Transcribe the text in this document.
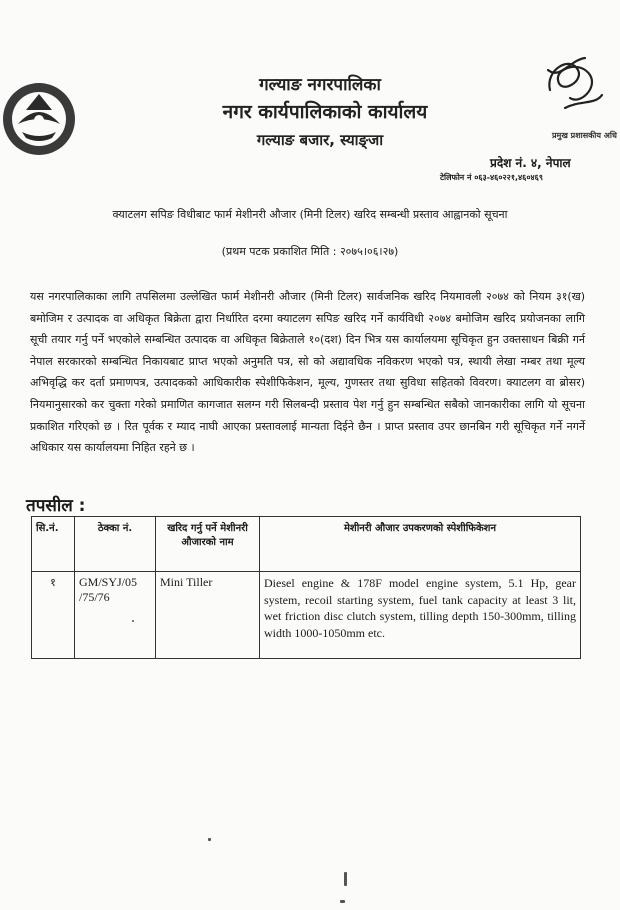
गल्याङ नगरपालिका
नगर कार्यपालिकाको कार्यालय
गल्याङ बजार, स्याङ्जा	प्रमुख प्रशासकीय अधि
प्रदेश नं. ४, नेपाल
टेलिफोन नं ०६३-४६०२२१,४६०४६९
क्याटलग सपिङ विधीबाट फार्म मेशीनरी औजार (मिनी टिलर) खरिद सम्बन्धी प्रस्ताव आह्वानको सूचना
(प्रथम पटक प्रकाशित मिति : २०७५।०६।२७)
यस नगरपालिकाका लागि तपसिलमा उल्लेखित फार्म मेशीनरी औजार (मिनी टिलर) सार्वजनिक खरिद नियमावली २०७४ को नियम ३१(ख) बमोजिम र उत्पादक वा अधिकृत बिक्रेता द्वारा निर्धारित दरमा क्याटलग सपिङ खरिद गर्ने कार्यविधी २०७४ बमोजिम खरिद प्रयोजनका लागि सूची तयार गर्नु पर्ने भएकोले सम्बन्धित उत्पादक वा अधिकृत बिक्रेताले १०(दश) दिन भित्र यस कार्यालयमा सूचिकृत हुन उक्तसाधन बिक्री गर्न नेपाल सरकारको सम्बन्धित निकायबाट प्राप्त भएको अनुमति पत्र, सो को अद्यावधिक नविकरण भएको पत्र, स्थायी लेखा नम्बर तथा मूल्य अभिवृद्धि कर दर्ता प्रमाणपत्र, उत्पादकको आधिकारीक स्पेशीफिकेशन, मूल्य, गुणस्तर तथा सुविधा सहितको विवरण। क्याटलग वा ब्रोसर) नियमानुसारको कर चुक्ता गरेको प्रमाणित कागजात सलग्न गरी सिलबन्दी प्रस्ताव पेश गर्नु हुन सम्बन्धित सबैको जानकारीका लागि यो सूचना प्रकाशित गरिएको छ । रित पूर्वक र म्याद नाघी आएका प्रस्तावलाई मान्यता दिईने छैन । प्राप्त प्रस्ताव उपर छानबिन गरी सूचिकृत गर्ने नगर्ने अधिकार यस कार्यालयमा निहित रहने छ ।
तपसील :
सि.नं.	ठेक्का नं.	खरिद गर्नु पर्ने मेशीनरी औजारको नाम	मेशीनरी औजार उपकरणको स्पेशीफिकेशन
१	GM/SYJ/05 /75/76	Mini Tiller	Diesel engine & 178F model engine system, 5.1 Hp, gear system, recoil starting system, fuel tank capacity at least 3 lit, wet friction disc clutch system, tilling depth 150-300mm, tilling width 1000-1050mm etc.
